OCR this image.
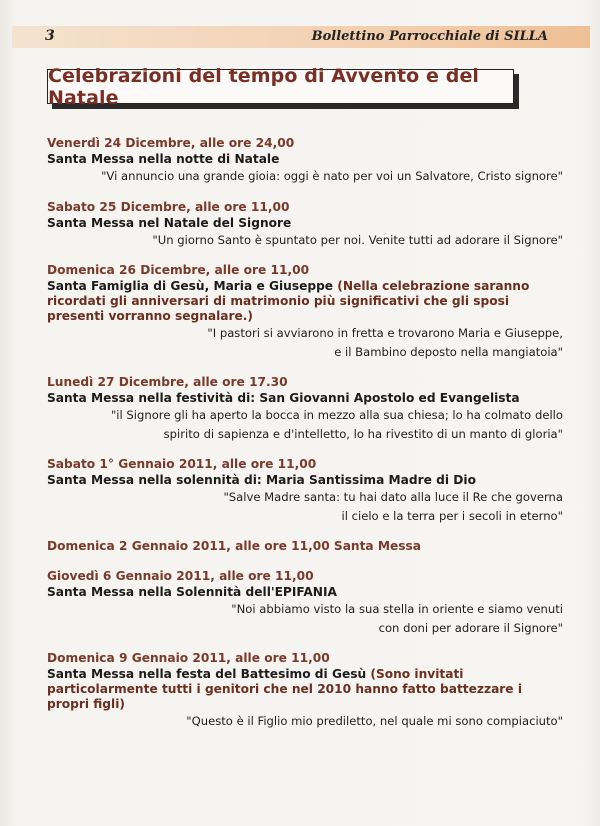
3	Bollettino Parrocchiale di SILLA
Celebrazioni del tempo di Avvento e del Natale
Venerdì 24 Dicembre, alle ore 24,00
Santa Messa nella notte di Natale
"Vi annuncio una grande gioia: oggi è nato per voi un Salvatore, Cristo signore"
Sabato 25 Dicembre, alle ore 11,00
Santa Messa nel Natale del Signore
"Un giorno Santo è spuntato per noi. Venite tutti ad adorare il Signore"
Domenica 26 Dicembre, alle ore 11,00
Santa Famiglia di Gesù, Maria e Giuseppe (Nella celebrazione saranno ricordati gli anniversari di matrimonio più significativi che gli sposi presenti vorranno segnalare.)
"I pastori si avviarono in fretta e trovarono Maria e Giuseppe,
e il Bambino deposto nella mangiatoia"
Lunedì 27 Dicembre, alle ore 17.30
Santa Messa nella festività di: San Giovanni Apostolo ed Evangelista
"il Signore gli ha aperto la bocca in mezzo alla sua chiesa; lo ha colmato dello
spirito di sapienza e d'intelletto, lo ha rivestito di un manto di gloria"
Sabato 1° Gennaio 2011, alle ore 11,00
Santa Messa nella solennità di: Maria Santissima Madre di Dio
"Salve Madre santa: tu hai dato alla luce il Re che governa
il cielo e la terra per i secoli in eterno"
Domenica 2 Gennaio 2011, alle ore 11,00 Santa Messa
Giovedì 6 Gennaio 2011, alle ore 11,00
Santa Messa nella Solennità dell'EPIFANIA
"Noi abbiamo visto la sua stella in oriente e siamo venuti
con doni per adorare il Signore"
Domenica 9 Gennaio 2011, alle ore 11,00
Santa Messa nella festa del Battesimo di Gesù (Sono invitati particolarmente tutti i genitori che nel 2010 hanno fatto battezzare i propri figli)
"Questo è il Figlio mio prediletto, nel quale mi sono compiaciuto"
